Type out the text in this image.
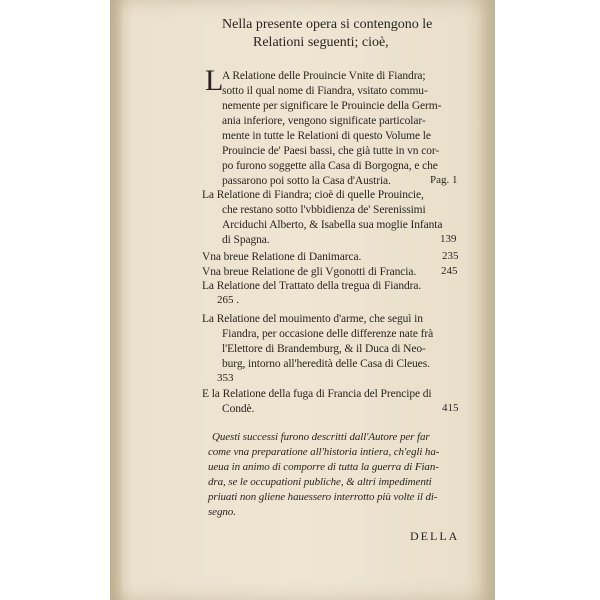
Nella presente opera si contengono le
Relationi seguenti; cioè,
L
A Relatione delle Prouincie Vnite di Fiandra;
sotto il qual nome di Fiandra, vsitato commu-
nemente per significare le Prouincie della Germ-
ania inferiore, vengono significate particolar-
mente in tutte le Relationi di questo Volume le
Prouincie de' Paesi bassi, che già tutte in vn cor-
po furono soggette alla Casa di Borgogna, e che
passarono poi sotto la Casa d'Austria.	Pag. 1
La Relatione di Fiandra; cioè di quelle Prouincie,
che restano sotto l'vbbidienza de' Serenissimi
Arciduchi Alberto, & Isabella sua moglie Infanta
di Spagna.	139
Vna breue Relatione di Danimarca.	235
Vna breue Relatione de gli Vgonotti di Francia. 245
La Relatione del Trattato della tregua di Fiandra.
265 .
La Relatione del mouimento d'arme, che seguì in
Fiandra, per occasione delle differenze nate frà
l'Elettore di Brandemburg, & il Duca di Neo-
burg, intorno all'heredità delle Casa di Cleues.
353
E la Relatione della fuga di Francia del Prencipe di
Condè.	415
Questi successi furono descritti dall'Autore per far
come vna preparatione all'historia intiera, ch'egli ha-
ueua in animo di comporre di tutta la guerra di Fian-
dra, se le occupationi publiche, & altri impedimenti
priuati non gliene hauessero interrotto più volte il di-
segno.
DELLA
